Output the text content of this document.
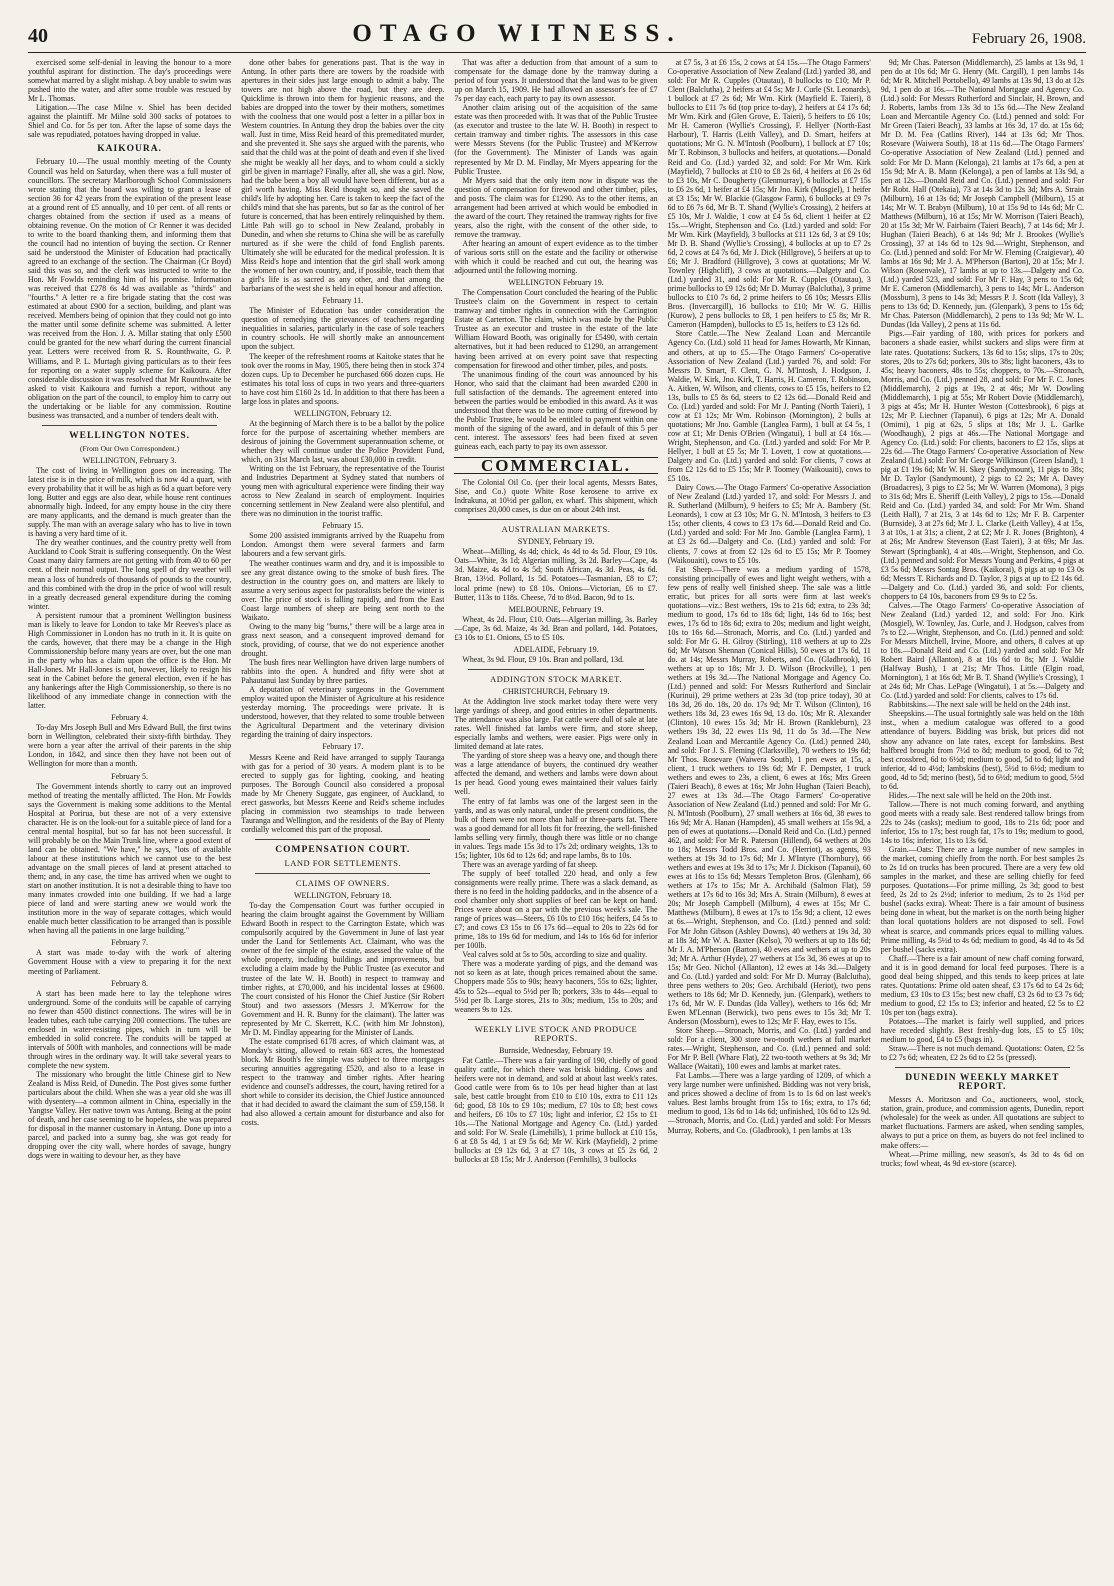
40	OTAGO WITNESS.	February 26, 1908.

exercised some self-denial in leaving the honour to a more youthful aspirant for distinction. The day's proceedings were somewhat marred by a slight mishap. A boy unable to swim was pushed into the water, and after some trouble was rescued by Mr L. Thomas.

Litigation.—The case Milne v. Shiel has been decided against the plaintiff. Mr Milne sold 300 sacks of potatoes to Shiel and Co. for 5s per ton. After the lapse of some days the sale was repudiated, potatoes having dropped in value.

KAIKOURA.

February 10.—The usual monthly meeting of the County Council was held on Saturday, when there was a full muster of councillors. The secretary Marlborough School Commissioners wrote stating that the board was willing to grant a lease of section 36 for 42 years from the expiration of the present lease at a ground rent of £5 annually, and 10 per cent. of all rents or charges obtained from the section if used as a means of obtaining revenue. On the motion of Cr Renner it was decided to write to the board thanking them, and informing them that the council had no intention of buying the section. Cr Renner said he understood the Minister of Education had practically agreed to an exchange of the section. The Chairman (Cr Boyd) said this was so, and the clerk was instructed to write to the Hon. Mr Fowlds reminding him of his promise. Information was received that £278 6s 4d was available as "thirds" and "fourths." A letter re a fire brigade stating that the cost was estimated at about £900 for a section, building, and plant was received. Members being of opinion that they could not go into the matter until some definite scheme was submitted. A letter was received from the Hon. J. A. Millar stating that only £500 could be granted for the new wharf during the current financial year. Letters were received from R. S. Rounthwaite, G. P. Williams, and P. L. Murtagh giving particulars as to their fees for reporting on a water supply scheme for Kaikoura. After considerable discussion it was resolved that Mr Rounthwaite be asked to visit Kaikoura and furnish a report, without any obligation on the part of the council, to employ him to carry out the undertaking or be liable for any commission. Routine business was transacted, and a number of tenders dealt with.

WELLINGTON NOTES.
(From Our Own Correspondent.)
WELLINGTON, February 3.

The cost of living in Wellington goes on increasing. The latest rise is in the price of milk, which is now 4d a quart, with every probability that it will be as high as 6d a quart before very long. Butter and eggs are also dear, while house rent continues abnormally high. Indeed, for any empty house in the city there are many applicants, and the demand is much greater than the supply. The man with an average salary who has to live in town is having a very hard time of it.

The dry weather continues, and the country pretty well from Auckland to Cook Strait is suffering consequently. On the West Coast many dairy farmers are not getting with from 40 to 60 per cent. of their normal output. The long spell of dry weather will mean a loss of hundreds of thousands of pounds to the country, and this combined with the drop in the price of wool will result in a greatly decreased general expenditure during the coming winter.

A persistent rumour that a prominent Wellington business man is likely to leave for London to take Mr Reeves's place as High Commissioner in London has no truth in it. It is quite on the cards, however, that there may be a change in the High Commissionership before many years are over, but the one man in the party who has a claim upon the office is the Hon. Mr Hall-Jones. Mr Hall-Jones is not, however, likely to resign his seat in the Cabinet before the general election, even if he has any hankerings after the High Commissionership, so there is no likelihood of any immediate change in connection with the latter.

February 4.

To-day Mrs Joseph Bull and Mrs Edward Bull, the first twins born in Wellington, celebrated their sixty-fifth birthday. They were born a year after the arrival of their parents in the ship London, in 1842, and since then they have not been out of Wellington for more than a month.

February 5.

The Government intends shortly to carry out an improved method of treating the mentally afflicted. The Hon. Mr Fowlds says the Government is making some additions to the Mental Hospital at Porirua, but these are not of a very extensive character. He is on the look-out for a suitable piece of land for a central mental hospital, but so far has not been successful. It will probably be on the Main Trunk line, where a good extent of land can be obtained. "We have," he says, "lots of available labour at these institutions which we cannot use to the best advantage on the small pieces of land at present attached to them; and, in any case, the time has arrived when we ought to start on another institution. It is not a desirable thing to have too many inmates crowded into one building. If we had a large piece of land and were starting anew we would work the institution more in the way of separate cottages, which would enable much better classification to be arranged than is possible when having all the patients in one large building."

February 7.

A start was made to-day with the work of altering Government House with a view to preparing it for the next meeting of Parliament.

February 8.

A start has been made here to lay the telephone wires underground. Some of the conduits will be capable of carrying no fewer than 4500 distinct connections. The wires will be in leaden tubes, each tube carrying 200 connections. The tubes are enclosed in water-resisting pipes, which in turn will be embedded in solid concrete. The conduits will be tapped at intervals of 500ft with manholes, and connections will be made through wires in the ordinary way. It will take several years to complete the new system.

The missionary who brought the little Chinese girl to New Zealand is Miss Reid, of Dunedin. The Post gives some further particulars about the child. When she was a year old she was ill with dysentery—a common ailment in China, especially in the Yangtse Valley. Her native town was Antung. Being at the point of death, and her case seeming to be hopeless, she was prepared for disposal in the manner customary in Antung. Done up into a parcel, and packed into a sunny bag, she was got ready for dropping over the city wall, where hordes of savage, hungry dogs were in waiting to devour her, as they have

done other babes for generations past. That is the way in Antung. In other parts there are towers by the roadside with apertures in their sides just large enough to admit a baby. The towers are not high above the road, but they are deep. Quicklime is thrown into them for hygienic reasons, and the babies are dropped into the tower by their mothers, sometimes with the coolness that one would post a letter in a pillar box in Western countries. In Antung they drop the babies over the city wall. Just in time, Miss Reid heard of this premeditated murder, and she prevented it. She says she argued with the parents, who said that the child was at the point of death and even if she lived she might be weakly all her days, and to whom could a sickly girl be given in marriage? Finally, after all, she was a girl. Now, had the babe been a boy all would have been different, but as a girl worth having. Miss Reid thought so, and she saved the child's life by adopting her. Care is taken to keep the fact of the child's mind that she has parents, but so far as the control of her future is concerned, that has been entirely relinquished by them. Little Pah will go to school in New Zealand, probably in Dunedin, and when she returns to China she will be as carefully nurtured as if she were the child of fond English parents. Ultimately she will be educated for the medical profession. It is Miss Reid's hope and intention that the girl shall work among the women of her own country, and, if possible, teach them that a girl's life is as sacred as any other, and that among the barbarians of the west she is held in equal honour and affection.

February 11.

The Minister of Education has under consideration the question of remedying the grievances of teachers regarding inequalities in salaries, particularly in the case of sole teachers in country schools. He will shortly make an announcement upon the subject.

The keeper of the refreshment rooms at Kaitoke states that he took over the rooms in May, 1905, there being then in stock 374 dozen cups. Up to December he purchased 666 dozen cups. He estimates his total loss of cups in two years and three-quarters to have cost him £160 2s 1d. In addition to that there has been a large loss in plates and spoons.

WELLINGTON, February 12.

At the beginning of March there is to be a ballot by the police force for the purpose of ascertaining whether members are desirous of joining the Government superannuation scheme, or whether they will continue under the Police Provident Fund, which, on 31st March last, was about £30,000 in credit.

Writing on the 1st February, the representative of the Tourist and Industries Department at Sydney stated that numbers of young men with agricultural experience were finding their way across to New Zealand in search of employment. Inquiries concerning settlement in New Zealand were also plentiful, and there was no diminution in the tourist traffic.

February 15.

Some 200 assisted immigrants arrived by the Ruapehu from London. Amongst them were several farmers and farm labourers and a few servant girls.

The weather continues warm and dry, and it is impossible to see any great distance owing to the smoke of bush fires. The destruction in the country goes on, and matters are likely to assume a very serious aspect for pastoralists before the winter is over. The price of stock is falling rapidly, and from the East Coast large numbers of sheep are being sent north to the Waikato.

Owing to the many big "burns," there will be a large area in grass next season, and a consequent improved demand for stock, providing, of course, that we do not experience another drought.

The bush fires near Wellington have driven large numbers of rabbits into the open. A hundred and fifty were shot at Pahautanui last Sunday by three parties.

A deputation of veterinary surgeons in the Government employ waited upon the Minister of Agriculture at his residence yesterday morning. The proceedings were private. It is understood, however, that they related to some trouble between the Agricultural Department and the veterinary division regarding the training of dairy inspectors.

February 17.

Messrs Keene and Reid have arranged to supply Tauranga with gas for a period of 30 years. A modern plant is to be erected to supply gas for lighting, cooking, and heating purposes. The Borough Council also considered a proposal made by Mr Chenery Suggate, gas engineer, of Auckland, to erect gasworks, but Messrs Keene and Reid's scheme includes placing in commission two steamships to trade between Tauranga and Wellington, and the residents of the Bay of Plenty cordially welcomed this part of the proposal.

COMPENSATION COURT.
LAND FOR SETTLEMENTS.
CLAIMS OF OWNERS.
WELLINGTON, February 18.

To-day the Compensation Court was further occupied in hearing the claim brought against the Government by William Edward Booth in respect to the Carrington Estate, which was compulsorily acquired by the Government in June of last year under the Land for Settlements Act. Claimant, who was the owner of the fee simple of the estate, assessed the value of the whole property, including buildings and improvements, but excluding a claim made by the Public Trustee (as executor and trustee of the late W. H. Booth) in respect to tramway and timber rights, at £70,000, and his incidental losses at £9600. The court consisted of his Honor the Chief Justice (Sir Robert Stout) and two assessors (Messrs J. M'Kerrow for the Government and H. R. Bunny for the claimant). The latter was represented by Mr C. Skerrett, K.C. (with him Mr Johnston), Mr D. M. Findlay appearing for the Minister of Lands.

The estate comprised 6178 acres, of which claimant was, at Monday's sitting, allowed to retain 683 acres, the homestead block. Mr Booth's fee simple was subject to three mortgages securing annuities aggregating £520, and also to a lease in respect to the tramway and timber rights. After hearing evidence and counsel's addresses, the court, having retired for a short while to consider its decision, the Chief Justice announced that it had decided to award the claimant the sum of £59,158. It had also allowed a certain amount for disturbance and also for costs.

That was after a deduction from that amount of a sum to compensate for the damage done by the tramway during a period of four years. It understood that the land was to be given up on March 15, 1909. He had allowed an assessor's fee of £7 7s per day each, each party to pay its own assessor.

Another claim arising out of the acquisition of the same estate was then proceeded with. It was that of the Public Trustee (as executor and trustee to the late W. H. Booth) in respect to certain tramway and timber rights. The assessors in this case were Messrs Stevens (for the Public Trustee) and M'Kerrow (for the Government). The Minister of Lands was again represented by Mr D. M. Findlay, Mr Myers appearing for the Public Trustee.

Mr Myers said that the only item now in dispute was the question of compensation for firewood and other timber, piles, and posts. The claim was for £1290. As to the other items, an arrangement had been arrived at which would be embodied in the award of the court. They retained the tramway rights for five years, also the right, with the consent of the other side, to remove the tramway.

After hearing an amount of expert evidence as to the timber of various sorts still on the estate and the facility or otherwise with which it could be reached and cut out, the hearing was adjourned until the following morning.

WELLINGTON February 19.

The Compensation Court concluded the hearing of the Public Trustee's claim on the Government in respect to certain tramway and timber rights in connection with the Carrington Estate at Carterton. The claim, which was made by the Public Trustee as an executor and trustee in the estate of the late William Howard Booth, was originally for £5490, with certain alternatives, but it had been reduced to £1290, an arrangement having been arrived at on every point save that respecting compensation for firewood and other timber, piles, and posts.

The unanimous finding of the court was announced by his Honor, who said that the claimant had been awarded £200 in full satisfaction of the demands. The agreement entered into between the parties would be embodied in this award. As it was understood that there was to be no more cutting of firewood by the Public Trustee, he would be entitled to payment within one month of the signing of the award, and in default of this 5 per cent. interest. The assessors' fees had been fixed at seven guineas each, each party to pay its own assessor.

COMMERCIAL.

The Colonial Oil Co. (per their local agents, Messrs Bates, Sise, and Co.) quote White Rose kerosene to arrive ex Indrakuna, at 10½d per gallon, ex wharf. This shipment, which comprises 20,000 cases, is due on or about 24th inst.

AUSTRALIAN MARKETS.
SYDNEY, February 19.

Wheat—Milling, 4s 4d; chick, 4s 4d to 4s 5d. Flour, £9 10s. Oats—White, 3s 1d; Algerian milling, 3s 2d. Barley—Cape, 4s 3d. Maize, 4s 4d to 4s 5d; South African, 4s 3d. Peas, 4s 6d. Bran, 13½d. Pollard, 1s 5d. Potatoes—Tasmanian, £8 to £7; local prime (new) to £8 10s. Onions—Victorian, £6 to £7. Butter, 113s to 118s. Cheese, 7d to 8½d. Bacon, 9d to 1s.

MELBOURNE, February 19.

Wheat, 4s 2d. Flour, £10. Oats—Algerian milling, 3s. Barley—Cape, 3s 6d. Maize, 4s 3d. Bran and pollard, 14d. Potatoes, £3 10s to £1. Onions, £5 to £5 10s.

ADELAIDE, February 19.

Wheat, 3s 9d. Flour, £9 10s. Bran and pollard, 13d.

ADDINGTON STOCK MARKET.
CHRISTCHURCH, February 19.

At the Addington live stock market today there were very large yardings of sheep, and good entries in other departments. The attendance was also large. Fat cattle were dull of sale at late rates. Well finished fat lambs were firm, and store sheep, especially lambs and wethers, were easier. Pigs were only in limited demand at late rates.

The yarding of store sheep was a heavy one, and though there was a large attendance of buyers, the continued dry weather affected the demand, and wethers and lambs were down about 1s per head. Good young ewes maintained their values fairly well.

The entry of fat lambs was one of the largest seen in the yards, and as was only natural, under the present conditions, the bulk of them were not more than half or three-parts fat. There was a good demand for all lots fit for freezing, the well-finished lambs selling very firmly, though there was little or no change in values. Tegs made 15s 3d to 17s 2d; ordinary weights, 13s to 15s; lighter, 10s 6d to 12s 6d; and rape lambs, 8s to 10s.

There was an average yarding of fat sheep.

The supply of beef totalled 220 head, and only a few consignments were really prime. There was a slack demand, as there is no feed in the holding paddocks, and in the absence of a cool chamber only short supplies of beef can be kept on hand. Prices were about on a par with the previous week's sale. The range of prices was—Steers, £6 10s to £10 16s; heifers, £4 5s to £7; and cows £3 15s to £6 17s 6d—equal to 20s to 22s 6d for prime, 18s to 19s 6d for medium, and 14s to 16s 6d for inferior per 100lb.

Veal calves sold at 5s to 50s, according to size and quality.

There was a moderate yarding of pigs, and the demand was not so keen as at late, though prices remained about the same. Choppers made 55s to 90s; heavy baconers, 55s to 62s; lighter, 45s to 52s—equal to 5½d per lb; porkers, 33s to 44s—equal to 5½d per lb. Large stores, 21s to 30s; medium, 15s to 20s; and weaners 9s to 12s.

WEEKLY LIVE STOCK AND PRODUCE REPORTS.
Burnside, Wednesday, February 19.

Fat Cattle.—There was a fair yarding of 190, chiefly of good quality cattle, for which there was brisk bidding. Cows and heifers were not in demand, and sold at about last week's rates. Good cattle were from 6s to 10s per head higher than at last sale, best cattle brought from £10 to £10 10s, extra to £11 12s 6d; good, £8 10s to £9 10s; medium, £7 10s to £8; best cows and heifers, £6 10s to £7 10s; light and inferior, £2 15s to £1 10s.—The National Mortgage and Agency Co. (Ltd.) yarded and sold: For W. Seale (Limehills), 1 prime bullock at £10 15s, 6 at £8 5s 4d, 1 at £9 5s 6d; Mr W. Kirk (Mayfield), 2 prime bullocks at £9 12s 6d, 3 at £7 10s, 3 cows at £5 2s 6d, 2 bullocks at £8 15s; Mr J. Anderson (Fernhills), 3 bullocks

at £7 5s, 3 at £6 15s, 2 cows at £4 15s.—The Otago Farmers' Co-operative Association of New Zealand (Ltd.) yarded 38, and sold: For Mr R. Cupples (Otautau), 8 bullocks to £10; Mr P. Clent (Balclutha), 2 heifers at £4 5s; Mr J. Curle (St. Leonards), 1 bullock at £7 2s 6d; Mr Wm. Kirk (Mayfield E. Taieri), 8 bullocks to £11 7s 6d (top price to-day), 2 heifers at £4 17s 6d; Mr Wm. Kirk and (Glen Grove, E. Taieri), 5 heifers to £6 10s; Mr H. Cameron (Wyllie's Crossing), F. Hellyer (North-East Harbour), T. Harris (Leith Valley), and D. Smart, heifers at quotations; Mr G. N. M'Intosh (Poolburn), 1 bullock at £7 10s; Mr T. Robinson, 3 bullocks and heifers, at quotations.—Donald Reid and Co. (Ltd.) yarded 32, and sold: For Mr Wm. Kirk (Mayfield), 7 bullocks at £10 to £8 2s 6d, 4 heifers at £6 2s 6d to £3 10s, Mr C. Dougherty (Glenmurray), 6 bullocks at £7 15s to £6 2s 6d, 1 heifer at £4 15s; Mr Jno. Kirk (Mosgiel), 1 heifer at £3 15s; Mr W. Blackie (Glasgow Farm), 6 bullocks at £9 7s 6d to £6 7s 6d, Mr B. T. Shand (Wyllie's Crossing), 2 heifers at £5 10s, Mr J. Waldie, 1 cow at £4 5s 6d, client 1 heifer at £2 15s.—Wright, Stephenson and Co. (Ltd.) yarded and sold: For Mr Wm. Kirk (Mayfield), 3 bullocks at £11 12s 6d, 3 at £9 10s; Mr D. B. Shand (Wyllie's Crossing), 4 bullocks at up to £7 2s 6d, 2 cows at £4 7s 6d, Mr J. Dick (Hillgrove), 5 heifers at up to £6; Mr J. Bradford (Hillgrove), 3 cows at quotations; Mr W. Townley (Highcliff), 3 cows at quotations.—Dalgety and Co. (Ltd.) yarded 31, and sold: For Mr R. Cupples (Otautau), 3 prime bullocks to £9 12s 6d; Mr D. Murray (Balclutha), 3 prime bullocks to £10 7s 6d, 2 prime heifers to £6 10s; Messrs Ellis Bros. (Invercargill), 16 bullocks to £10; Mr W. G. Hillis (Kurow), 2 pens bullocks to £8, 1 pen heifers to £5 8s; Mr R. Cameron (Hampden), bullocks to £5 1s, heifers to £3 12s 6d.

Store Cattle.—The New Zealand Loan and Mercantile Agency Co. (Ltd.) sold 11 head for James Howarth, Mr Kinnan, and others, at up to £5.—The Otago Farmers' Co-operative Association of New Zealand (Ltd.) yarded 76, and sold: For Messrs D. Smart, F. Clent, G. N. M'Intosh, J. Hodgson, J. Waldie, W. Kirk, Jno. Kirk, T. Harris, H. Cameron, T. Robinson, A. Aitken, W. Wilson, and clients, cows to £5 15s, heifers to £2 13s, bulls to £5 8s 6d, steers to £2 12s 6d.—Donald Reid and Co. (Ltd.) yarded and sold: For Mr J. Panting (North Taieri), 1 cow at £1 12s; Mr Wm. Robinson (Mornington), 2 bulls at quotations; Mr Jno. Gamble (Langlea Farm), 1 bull at £4 5s, 1 cow at £1; Mr Denis O'Brien (Wingatui), 1 bull at £4 16s.—Wright, Stephenson, and Co. (Ltd.) yarded and sold: For Mr P. Hellyer, 1 bull at £5 5s; Mr T. Lovett, 1 cow at quotations.—Dalgety and Co. (Ltd.) yarded and sold: For clients, 7 cows at from £2 12s 6d to £5 15s; Mr P. Toomey (Waikouaiti), cows to £5 10s.

Dairy Cows.—The Otago Farmers' Co-operative Association of New Zealand (Ltd.) yarded 17, and sold: For Messrs J. and R. Sutherland (Milburn), 9 heifers to £5; Mr A. Bambery (St. Leonards), 1 cow at £3 10s; Mr G. N. M'Intosh, 3 heifers to £3 15s; other clients, 4 cows to £3 17s 6d.—Donald Reid and Co. (Ltd.) yarded and sold: For Mr Jno. Gamble (Langlea Farm), 1 at £3 2s 6d.—Dalgety and Co. (Ltd.) yarded and sold: For clients, 7 cows at from £2 12s 6d to £5 15s; Mr P. Toomey (Waikouaiti), cows to £5 10s.

Fat Sheep.—There was a medium yarding of 1578, consisting principally of ewes and light weight wethers, with a few pens of really well finished sheep. The sale was a little erratic, but prices for all sorts were firm at last week's quotations—viz.: Best wethers, 19s to 21s 6d; extra, to 23s 3d; medium to good, 17s 6d to 18s 6d; light, 14s 6d to 16s; best ewes, 17s 6d to 18s 6d; extra to 20s; medium and light weight, 10s to 16s 6d.—Stronach, Morris, and Co. (Ltd.) yarded and sold: For Mr G. H. Gilroy (Stirling), 118 wethers at up to 22s 6d; Mr Watson Shennan (Conical Hills), 50 ewes at 17s 6d, 11 do. at 14s; Messrs Murray, Roberts, and Co. (Gladbrook), 16 wethers at up to 18s; Mr J. D. Wilson (Brockville), 1 pen wethers at 19s 3d.—The National Mortgage and Agency Co. (Ltd.) penned and sold: For Messrs Rutherford and Sinclair (Kurinui), 29 prime wethers at 23s 3d (top price today), 30 at 18s 3d, 26 do. 18s, 20 do. 17s 9d; Mr T. Wilson (Clinton), 16 wethers 18s 3d, 23 ewes 16s 9d, 13 do. 10s; Mr R. Alexander (Clinton), 10 ewes 15s 3d; Mr H. Brown (Rankleburn), 23 wethers 19s 3d, 22 ewes 11s 9d, 11 do 5s 3d.—The New Zealand Loan and Mercantile Agency Co. (Ltd.) penned 240, and sold: For J. S. Fleming (Clarksville), 70 wethers to 19s 6d; Mr Thos. Rosevare (Waiwera South), 1 pen ewes at 15s, a client, 1 truck wethers to 19s 6d; Mr F. Dempster, 1 truck wethers and ewes to 23s, a client, 6 ewes at 16s; Mrs Green (Taieri Beach), 8 ewes at 16s; Mr John Hughan (Taieri Beach), 27 ewes at 13s 3d.—The Otago Farmers' Co-operative Association of New Zealand (Ltd.) penned and sold: For Mr G. N. M'Intosh (Poolburn), 27 small wethers at 16s 6d, 38 ewes to 16s 9d; Mr A. Hanan (Hampden), 45 small wethers at 15s 9d, a pen of ewes at quotations.—Donald Reid and Co. (Ltd.) penned 462, and sold: For Mr R. Paterson (Hillend), 64 wethers at 20s to 18s; Messrs Todd Bros. and Co. (Herriot), as agents, 93 wethers at 19s 3d to 17s 6d; Mr J. M'Intyre (Thornbury), 66 wethers and ewes at 19s 3d to 17s; Mr J. Dickison (Tapanui), 60 ewes at 16s to 15s 6d; Messrs Templeton Bros. (Glenham), 66 wethers at 17s to 15s; Mr A. Archibald (Salmon Flat), 59 wethers at 17s 6d to 16s 3d; Mrs A. Strain (Milburn), 8 ewes at 20s; Mr Joseph Campbell (Milburn), 4 ewes at 15s; Mr C. Matthews (Milburn), 8 ewes at 17s to 15s 9d; a client, 12 ewes at 6s.—Wright, Stephenson, and Co. (Ltd.) penned and sold: For Mr John Gibson (Ashley Downs), 40 wethers at 19s 3d, 30 at 18s 3d; Mr W. A. Baxter (Kelso), 70 wethers at up to 18s 6d; Mr J. A. M'Pherson (Barton), 40 ewes and wethers at up to 20s 3d; Mr A. Arthur (Hyde), 27 wethers at 15s 3d, 36 ewes at up to 15s; Mr Geo. Nichol (Allanton), 12 ewes at 14s 3d.—Dalgety and Co. (Ltd.) yarded and sold: For Mr D. Murray (Balclutha), three pens wethers to 20s; Geo. Archibald (Heriot), two pens wethers to 18s 6d; Mr D. Kennedy, jun. (Glenpark), wethers to 17s 6d, Mr W. F. Dundas (Ida Valley), wethers to 16s 6d; Mr Ewen M'Lennan (Berwick), two pens ewes to 15s 3d; Mr T. Anderson (Mossburn), ewes to 12s; Mr F. Hay, ewes to 15s.

Store Sheep.—Stronach, Morris, and Co. (Ltd.) yarded and sold: For a client, 300 store two-tooth wethers at full market rates.—Wright, Stephenson, and Co. (Ltd.) penned and sold: For Mr P. Bell (Whare Flat), 22 two-tooth wethers at 9s 3d; Mr Wallace (Waitati), 100 ewes and lambs at market rates.

Fat Lambs.—There was a large yarding of 1209, of which a very large number were unfinished. Bidding was not very brisk, and prices showed a decline of from 1s to 1s 6d on last week's values. Best lambs brought from 15s to 16s; extra, to 17s 6d; medium to good, 13s 6d to 14s 6d; unfinished, 10s 6d to 12s 9d.—Stronach, Morris, and Co. (Ltd.) yarded and sold: For Messrs Murray, Roberts, and Co. (Gladbrook), 1 pen lambs at 13s

9d; Mr Chas. Paterson (Middlemarch), 25 lambs at 13s 9d, 1 pen do at 10s 6d; Mr G. Henry (Mt. Cargill), 1 pen lambs 14s 6d; Mr R. Mitchell Portobello), 49 lambs at 13s 9d, 13 do at 12s 9d, 1 pen do at 16s.—The National Mortgage and Agency Co. (Ltd.) sold: For Messrs Rutherford and Sinclair, H. Brown, and J. Roberts, lambs from 13s 3d to 15s 6d.—The New Zealand Loan and Mercantile Agency Co. (Ltd.) penned and sold: For Mr Green (Taieri Beach), 33 lambs at 16s 3d, 17 do. at 15s 6d; Mr D. M. Fea (Catlins River), 144 at 13s 6d; Mr Thos. Rosevare (Waiwera South), 18 at 11s 6d.—The Otago Farmers' Co-operative Association of New Zealand (Ltd.) penned and sold: For Mr D. Mann (Kelonga), 21 lambs at 17s 6d, a pen at 15s 9d; Mr A. B. Mann (Kelonga), a pen of lambs at 13s 9d, a pen at 12s.—Donald Reid and Co. (Ltd.) penned and sold: For Mr Robt. Hall (Otekaia), 73 at 14s 3d to 12s 3d; Mrs A. Strain (Milburn), 16 at 13s 6d; Mr Joseph Campbell (Milburn), 15 at 14s; Mr W. T. Brabyn (Milburn), 10 at 15s 9d to 14s 6d; Mr C. Matthews (Milburn), 16 at 15s; Mr W. Morrison (Taieri Beach), 20 at 15s 3d; Mr W. Fairbairn (Taieri Beach), 7 at 14s 6d; Mr J. Hughan (Taieri Beach), 6 at 14s 9d; Mr J. Brookes (Wyllie's Crossing), 37 at 14s 6d to 12s 9d.—Wright, Stephenson, and Co. (Ltd.) penned and sold: For Mr W. Fleming (Craigievar), 40 lambs at 16s 9d; Mr J. A. M'Pherson (Barton), 20 at 15s; Mr J. Wilson (Rosenvale), 17 lambs at up to 13s.—Dalgety and Co. (Ltd.) yarded 523, and sold: For Mr F. Hay, 3 pens to 15s 6d; Mr E. Cameron (Middlemarch), 3 pens to 14s; Mr L. Anderson (Mossburn), 3 pens to 14s 3d; Messrs P. J. Scott (Ida Valley), 3 pens to 13s 6d; D. Kennedy, jun. (Glenpark), 3 pens to 15s 6d; Mr Chas. Paterson (Middlemarch), 2 pens to 13s 9d; Mr W. L. Dundas (Ida Valley), 2 pens at 11s 6d.

Pigs.—Fair yarding of 180, with prices for porkers and baconers a shade easier, whilst suckers and slips were firm at late rates. Quotations: Suckers, 13s 6d to 15s; slips, 17s to 20s; stores, 20s to 27s 6d; porkers, 30s to 38s; light baconers, 43s to 45s; heavy baconers, 48s to 55s; choppers, to 70s.—Stronach, Morris, and Co. (Ltd.) penned 28, and sold: For Mr F. C. Jones (Middlemarch), 2 pigs at 19s, 2 at 46s; Mr W. Dowling (Middlemarch), 1 pig at 55s; Mr Robert Dovie (Middlemarch), 3 pigs at 45s; Mr H. Hunter Weston (Cottesbrook), 6 pigs at 12s; Mr P. Liechner (Tapanui), 6 pigs at 12s; Mr A. Donald (Omimi), 1 pig at 62s, 5 slips at 18s; Mr J. L. Garlke (Woodhaugh), 2 pigs at 46s.—The National Mortgage and Agency Co. (Ltd.) sold: For clients, baconers to £2 15s, slips at 22s 6d.—The Otago Farmers' Co-operative Association of New Zealand (Ltd.) sold: For Mr George Wilkinson (Green Island), 1 pig at £1 19s 6d; Mr W. H. Skey (Sandymount), 11 pigs to 38s; Mr D. Taylor (Sandymount), 2 pigs to £2 2s; Mr A. Davey (Broadacres), 3 pigs to £2 5s; Mr W. Warren (Momona), 3 pigs to 31s 6d; Mrs E. Sheriff (Leith Valley), 2 pigs to 15s.—Donald Reid and Co. (Ltd.) yarded 34, and sold: For Mr Wm. Shand (Leith Hall), 7 at 21s, 3 at 14s 6d to 12s; Mr F. B. Carpenter (Burnside), 3 at 27s 6d; Mr J. L. Clarke (Leith Valley), 4 at 15s, 3 at 10s, 1 at 31s; a client, 2 at £2; Mr J. R. Jones (Brighton), 4 at 26s; Mr Andrew Stevenson (East Taieri), 3 at 69s; Mr Jas. Stewart (Springbank), 4 at 40s.—Wright, Stephenson, and Co. (Ltd.) penned and sold: For Messrs Young and Perkins, 4 pigs at £3 5s 6d; Messrs Sontag Bros. (Kaikorai), 8 pigs at up to £3 0s 6d; Messrs T. Richards and D. Taylor, 3 pigs at up to £2 14s 6d.—Dalgety and Co. (Ltd.) yarded 36, and sold: For clients, choppers to £4 10s, baconers from £9 9s to £2 5s.

Calves.—The Otago Farmers' Co-operative Association of New Zealand (Ltd.) yarded 12, and sold: For Jno. Kirk (Mosgiel), W. Townley, Jas. Curle, and J. Hodgson, calves from 7s to £2.—Wright, Stephenson, and Co. (Ltd.) penned and sold: For Messrs Mitchell, Irvine, Moore, and others, 8 calves at up to 18s.—Donald Reid and Co. (Ltd.) yarded and sold: For Mr Robert Baird (Allanton), 8 at 10s 6d to 8s; Mr J. Waldie (Halfway Bush), 1 at 21s; Mr Thos. Little (Elgin road, Mornington), 1 at 16s 6d; Mr B. T. Shand (Wyllie's Crossing), 1 at 24s 6d; Mr Chas. LePage (Wingatui), 1 at 5s.—Dalgety and Co. (Ltd.) yarded and sold: For clients, calves to 17s 6d.

Rabbitskins.—The next sale will be held on the 24th inst.

Sheepskins.—The usual fortnightly sale was held on the 18th inst., when a medium catalogue was offered to a good attendance of buyers. Bidding was brisk, but prices did not show any advance on late rates, except for lambskins. Best halfbred brought from 7½d to 8d; medium to good, 6d to 7d; best crossbred, 6d to 6½d; medium to good, 5d to 6d; light and inferior, 4d to 4½d; lambskins (best), 5½d to 6½d; medium to good, 4d to 5d; merino (best), 5d to 6½d; medium to good, 5½d to 6d.

Hides.—The next sale will be held on the 20th inst.

Tallow.—There is not much coming forward, and anything good meets with a ready sale. Best rendered tallow brings from 22s to 24s (casks); medium to good, 18s to 21s 6d; poor and inferior, 15s to 17s; best rough fat, 17s to 19s; medium to good, 14s to 16s; inferior, 11s to 13s 6d.

Grain.—Oats: There are a large number of new samples in the market, coming chiefly from the north. For best samples 2s to 2s 1d on trucks has been procured. There are a very few old samples in the market, and these are selling chiefly for feed purposes. Quotations—For prime milling, 2s 3d; good to best feed, 2s 2d to 2s 2½d; inferior to medium, 2s to 2s 1½d per bushel (sacks extra). Wheat: There is a fair amount of business being done in wheat, but the market is on the north being higher than local quotations holders are not disposed to sell. Fowl wheat is scarce, and commands prices equal to milling values. Prime milling, 4s 5½d to 4s 6d; medium to good, 4s 4d to 4s 5d per bushel (sacks extra).

Chaff.—There is a fair amount of new chaff coming forward, and it is in good demand for local feed purposes. There is a good deal being shipped, and this tends to keep prices at late rates. Quotations: Prime old oaten sheaf, £3 17s 6d to £4 2s 6d; medium, £3 10s to £3 15s; best new chaff, £3 2s 6d to £3 7s 6d; medium to good, £2 15s to £3; inferior and heated, £2 5s to £2 10s per ton (bags extra).

Potatoes.—The market is fairly well supplied, and prices have receded slightly. Best freshly-dug lots, £5 to £5 10s; medium to good, £4 to £5 (bags in).

Straw.—There is not much demand. Quotations: Oaten, £2 5s to £2 7s 6d; wheaten, £2 2s 6d to £2 5s (pressed).

DUNEDIN WEEKLY MARKET REPORT.

Messrs A. Moritzson and Co., auctioneers, wool, stock, station, grain, produce, and commission agents, Dunedin, report (wholesale) for the week as under. All quotations are subject to market fluctuations. Farmers are asked, when sending samples, always to put a price on them, as buyers do not feel inclined to make offers:—

Wheat.—Prime milling, new season's, 4s 3d to 4s 6d on trucks; fowl wheat, 4s 9d ex-store (scarce).
